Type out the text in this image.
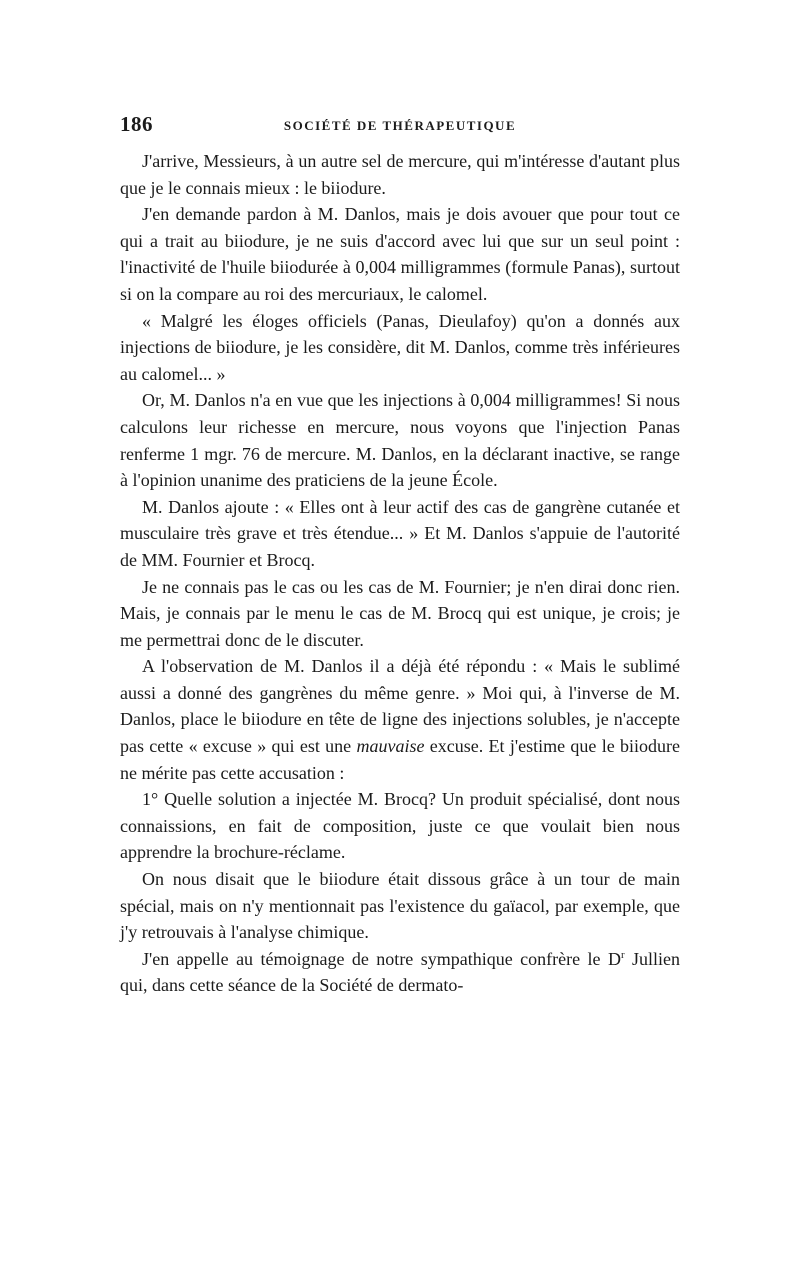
186	SOCIÉTÉ DE THÉRAPEUTIQUE

J'arrive, Messieurs, à un autre sel de mercure, qui m'intéresse d'autant plus que je le connais mieux : le biiodure.

J'en demande pardon à M. Danlos, mais je dois avouer que pour tout ce qui a trait au biiodure, je ne suis d'accord avec lui que sur un seul point : l'inactivité de l'huile biiodurée à 0,004 milligrammes (formule Panas), surtout si on la compare au roi des mercuriaux, le calomel.

« Malgré les éloges officiels (Panas, Dieulafoy) qu'on a donnés aux injections de biiodure, je les considère, dit M. Danlos, comme très inférieures au calomel... »

Or, M. Danlos n'a en vue que les injections à 0,004 milligrammes! Si nous calculons leur richesse en mercure, nous voyons que l'injection Panas renferme 1 mgr. 76 de mercure. M. Danlos, en la déclarant inactive, se range à l'opinion unanime des praticiens de la jeune École.

M. Danlos ajoute : « Elles ont à leur actif des cas de gangrène cutanée et musculaire très grave et très étendue... » Et M. Danlos s'appuie de l'autorité de MM. Fournier et Brocq.

Je ne connais pas le cas ou les cas de M. Fournier; je n'en dirai donc rien. Mais, je connais par le menu le cas de M. Brocq qui est unique, je crois; je me permettrai donc de le discuter.

A l'observation de M. Danlos il a déjà été répondu : « Mais le sublimé aussi a donné des gangrènes du même genre. » Moi qui, à l'inverse de M. Danlos, place le biiodure en tête de ligne des injections solubles, je n'accepte pas cette « excuse » qui est une mauvaise excuse. Et j'estime que le biiodure ne mérite pas cette accusation :

1° Quelle solution a injectée M. Brocq? Un produit spécialisé, dont nous connaissions, en fait de composition, juste ce que voulait bien nous apprendre la brochure-réclame.

On nous disait que le biiodure était dissous grâce à un tour de main spécial, mais on n'y mentionnait pas l'existence du gaïacol, par exemple, que j'y retrouvais à l'analyse chimique.

J'en appelle au témoignage de notre sympathique confrère le $D^r$ Jullien qui, dans cette séance de la Société de dermato-
